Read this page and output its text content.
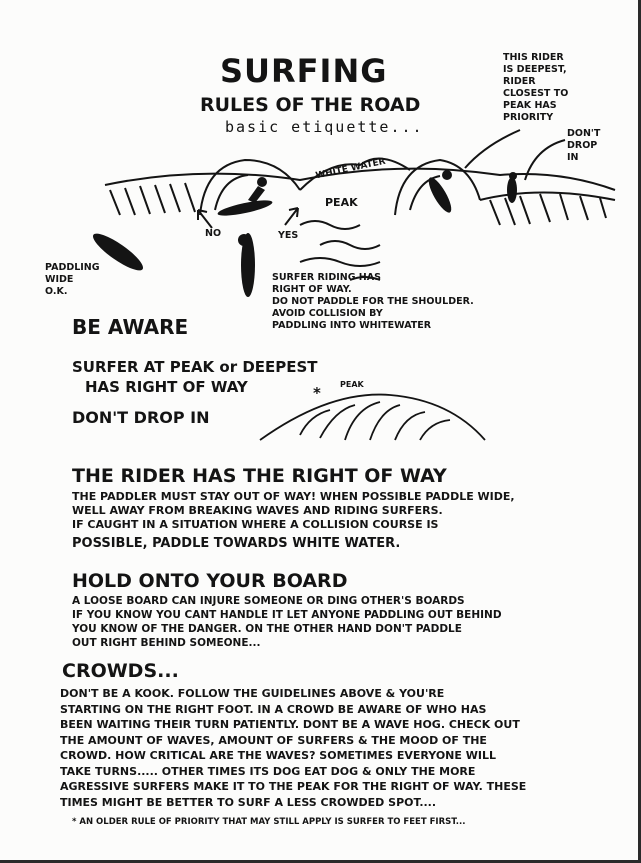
SURFING
RULES OF THE ROAD
basic etiquette...
THIS RIDER
IS DEEPEST,
RIDER
CLOSEST TO
PEAK HAS
PRIORITY
DON'T
DROP
IN
WHITE WATER
PEAK
NO	YES
PADDLING
WIDE
O.K.
SURFER RIDING HAS
RIGHT OF WAY.
DO NOT PADDLE FOR THE SHOULDER.
AVOID COLLISION BY
PADDLING INTO WHITEWATER
BE AWARE
SURFER AT PEAK or DEEPEST
HAS RIGHT OF WAY	* PEAK
DON'T DROP IN
THE RIDER HAS THE RIGHT OF WAY
THE PADDLER MUST STAY OUT OF WAY! WHEN POSSIBLE PADDLE WIDE,
WELL AWAY FROM BREAKING WAVES AND RIDING SURFERS.
IF CAUGHT IN A SITUATION WHERE A COLLISION COURSE IS
POSSIBLE, PADDLE TOWARDS WHITE WATER.
HOLD ONTO YOUR BOARD
A LOOSE BOARD CAN INJURE SOMEONE OR DING OTHER'S BOARDS
IF YOU KNOW YOU CANT HANDLE IT LET ANYONE PADDLING OUT BEHIND
YOU KNOW OF THE DANGER. ON THE OTHER HAND DON'T PADDLE
OUT RIGHT BEHIND SOMEONE...
CROWDS...
DON'T BE A KOOK. FOLLOW THE GUIDELINES ABOVE & YOU'RE
STARTING ON THE RIGHT FOOT. IN A CROWD BE AWARE OF WHO HAS
BEEN WAITING THEIR TURN PATIENTLY. DONT BE A WAVE HOG. CHECK OUT
THE AMOUNT OF WAVES, AMOUNT OF SURFERS & THE MOOD OF THE
CROWD. HOW CRITICAL ARE THE WAVES? SOMETIMES EVERYONE WILL
TAKE TURNS..... OTHER TIMES ITS DOG EAT DOG & ONLY THE MORE
AGRESSIVE SURFERS MAKE IT TO THE PEAK FOR THE RIGHT OF WAY. THESE
TIMES MIGHT BE BETTER TO SURF A LESS CROWDED SPOT....
* AN OLDER RULE OF PRIORITY THAT MAY STILL APPLY IS SURFER TO FEET FIRST...
